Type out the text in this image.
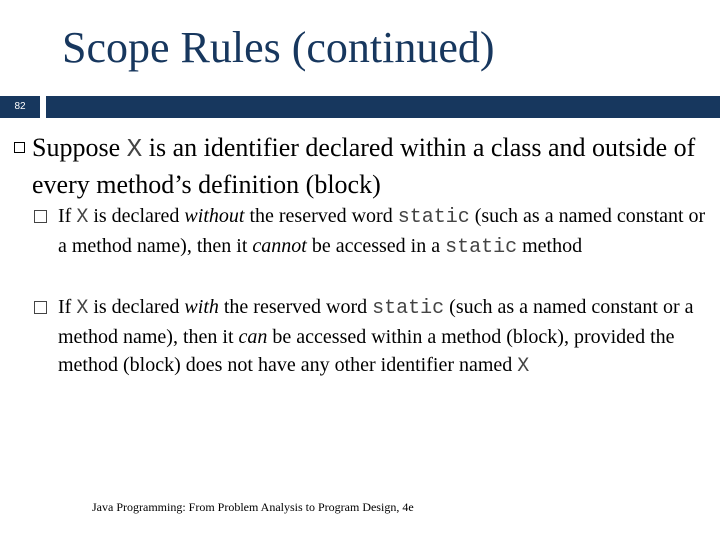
Scope Rules (continued)
82
Suppose X is an identifier declared within a class and outside of every method’s definition (block)
If X is declared without the reserved word static (such as a named constant or a method name), then it cannot be accessed in a static method
If X is declared with the reserved word static (such as a named constant or a method name), then it can be accessed within a method (block), provided the method (block) does not have any other identifier named X
Java Programming: From Problem Analysis to Program Design, 4e
